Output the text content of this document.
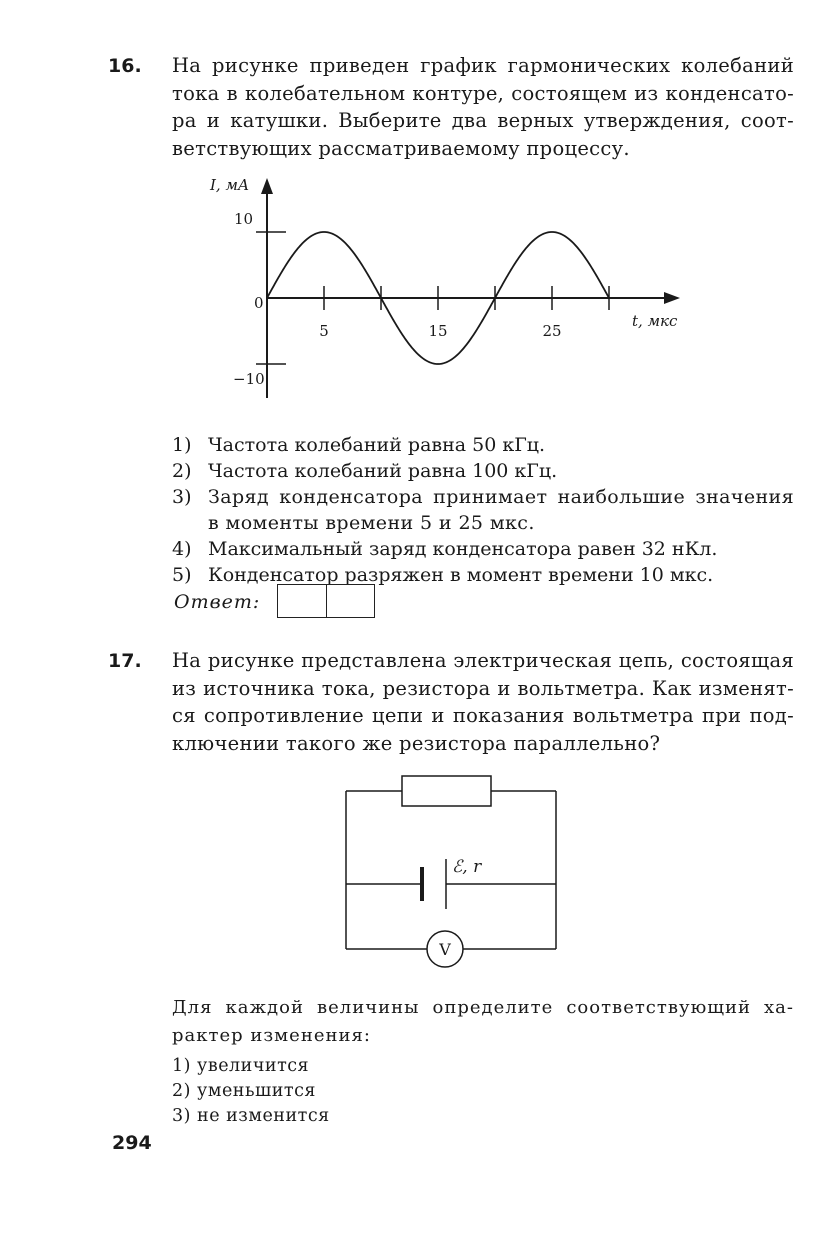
16. На рисунке приведен график гармонических колебаний
тока в колебательном контуре, состоящем из конденсато-
ра и катушки. Выберите два верных утверждения, соот-
ветствующих рассматриваемому процессу.

I, мА
10
0
−10
t, мкс
5	15	25
1) Частота колебаний равна 50 кГц.
2) Частота колебаний равна 100 кГц.
3) Заряд конденсатора принимает наибольшие значения в моменты времени 5 и 25 мкс.
4) Максимальный заряд конденсатора равен 32 нКл.
5) Конденсатор разряжен в момент времени 10 мкс.
Ответ:
17. На рисунке представлена электрическая цепь, состоящая
из источника тока, резистора и вольтметра. Как изменят-
ся сопротивление цепи и показания вольтметра при под-
ключении такого же резистора параллельно?

ℰ, r
V

Для каждой величины определите соответствующий ха-
рактер изменения:

1) увеличится
2) уменьшится
3) не изменится
294
